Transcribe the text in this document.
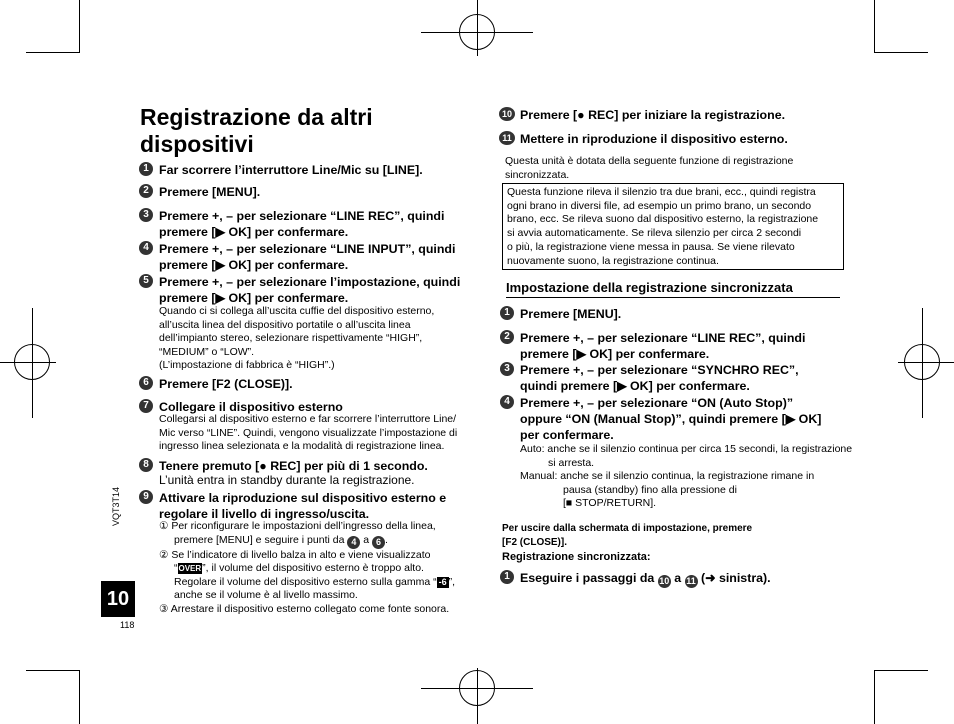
Registrazione da altri
dispositivi
1 Far scorrere l’interruttore Line/Mic su [LINE].
2 Premere [MENU].
3 Premere +, – per selezionare “LINE REC”, quindi
premere [▶ OK] per confermare.
4 Premere +, – per selezionare “LINE INPUT”, quindi
premere [▶ OK] per confermare.
5 Premere +, – per selezionare l’impostazione, quindi
premere [▶ OK] per confermare.
Quando ci si collega all’uscita cuffie del dispositivo esterno,
all’uscita linea del dispositivo portatile o all’uscita linea
dell’impianto stereo, selezionare rispettivamente “HIGH”,
“MEDIUM” o “LOW”.
(L’impostazione di fabbrica è “HIGH”.)
6 Premere [F2 (CLOSE)].
7 Collegare il dispositivo esterno
Collegarsi al dispositivo esterno e far scorrere l’interruttore Line/
Mic verso “LINE”. Quindi, vengono visualizzate l’impostazione di
ingresso linea selezionata e la modalità di registrazione linea.
8 Tenere premuto [● REC] per più di 1 secondo.
L’unità entra in standby durante la registrazione.
9 Attivare la riproduzione sul dispositivo esterno e
regolare il livello di ingresso/uscita.
① Per riconfigurare le impostazioni dell’ingresso della linea,
premere [MENU] e seguire i punti da 4 a 6 .
② Se l’indicatore di livello balza in alto e viene visualizzato
“OVER”, il volume del dispositivo esterno è troppo alto.
Regolare il volume del dispositivo esterno sulla gamma “ -6 ”,
anche se il volume è al livello massimo.
③ Arrestare il dispositivo esterno collegato come fonte sonora.
VQT3T14
10
118
10 Premere [● REC] per iniziare la registrazione.
11 Mettere in riproduzione il dispositivo esterno.
Questa unità è dotata della seguente funzione di registrazione
sincronizzata.
Questa funzione rileva il silenzio tra due brani, ecc., quindi registra
ogni brano in diversi file, ad esempio un primo brano, un secondo
brano, ecc. Se rileva suono dal dispositivo esterno, la registrazione
si avvia automaticamente. Se rileva silenzio per circa 2 secondi
o più, la registrazione viene messa in pausa. Se viene rilevato
nuovamente suono, la registrazione continua.
Impostazione della registrazione sincronizzata
1 Premere [MENU].
2 Premere +, – per selezionare “LINE REC”, quindi
premere [▶ OK] per confermare.
3 Premere +, – per selezionare “SYNCHRO REC”,
quindi premere [▶ OK] per confermare.
4 Premere +, – per selezionare “ON (Auto Stop)”
oppure “ON (Manual Stop)”, quindi premere [▶ OK]
per confermare.
Auto: anche se il silenzio continua per circa 15 secondi, la registrazione
si arresta.
Manual: anche se il silenzio continua, la registrazione rimane in
pausa (standby) fino alla pressione di
[■ STOP/RETURN].
Per uscire dalla schermata di impostazione, premere
[F2 (CLOSE)].
Registrazione sincronizzata:
1 Eseguire i passaggi da 10 a 11 (➜ sinistra).
